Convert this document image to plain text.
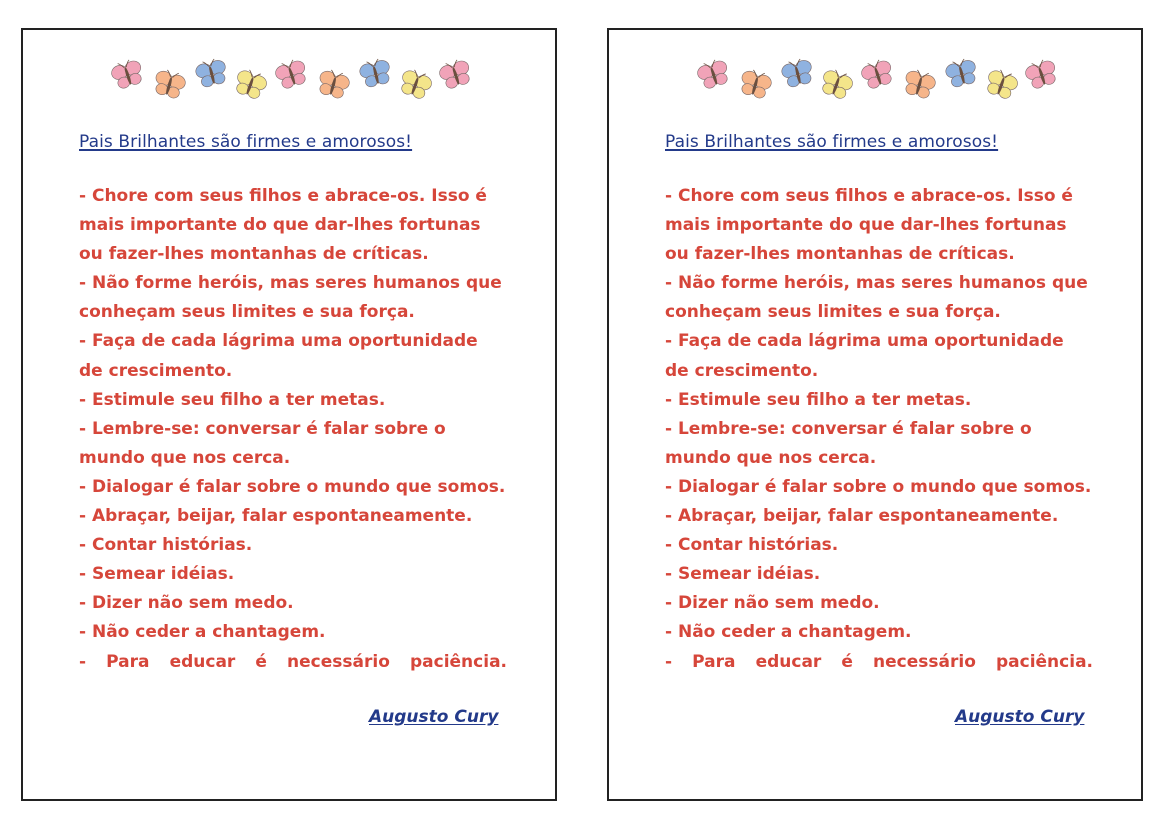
Pais Brilhantes são firmes e amorosos!
- Chore com seus filhos e abrace-os. Isso é mais importante do que dar-lhes fortunas ou fazer-lhes montanhas de críticas.
- Não forme heróis, mas seres humanos que conheçam seus limites e sua força.
- Faça de cada lágrima uma oportunidade de crescimento.
- Estimule seu filho a ter metas.
- Lembre-se: conversar é falar sobre o mundo que nos cerca.
- Dialogar é falar sobre o mundo que somos.
- Abraçar, beijar, falar espontaneamente.
- Contar histórias.
- Semear idéias.
- Dizer não sem medo.
- Não ceder a chantagem.
- Para educar é necessário paciência.

Augusto Cury

Pais Brilhantes são firmes e amorosos!
- Chore com seus filhos e abrace-os. Isso é mais importante do que dar-lhes fortunas ou fazer-lhes montanhas de críticas.
- Não forme heróis, mas seres humanos que conheçam seus limites e sua força.
- Faça de cada lágrima uma oportunidade de crescimento.
- Estimule seu filho a ter metas.
- Lembre-se: conversar é falar sobre o mundo que nos cerca.
- Dialogar é falar sobre o mundo que somos.
- Abraçar, beijar, falar espontaneamente.
- Contar histórias.
- Semear idéias.
- Dizer não sem medo.
- Não ceder a chantagem.
- Para educar é necessário paciência.

Augusto Cury
